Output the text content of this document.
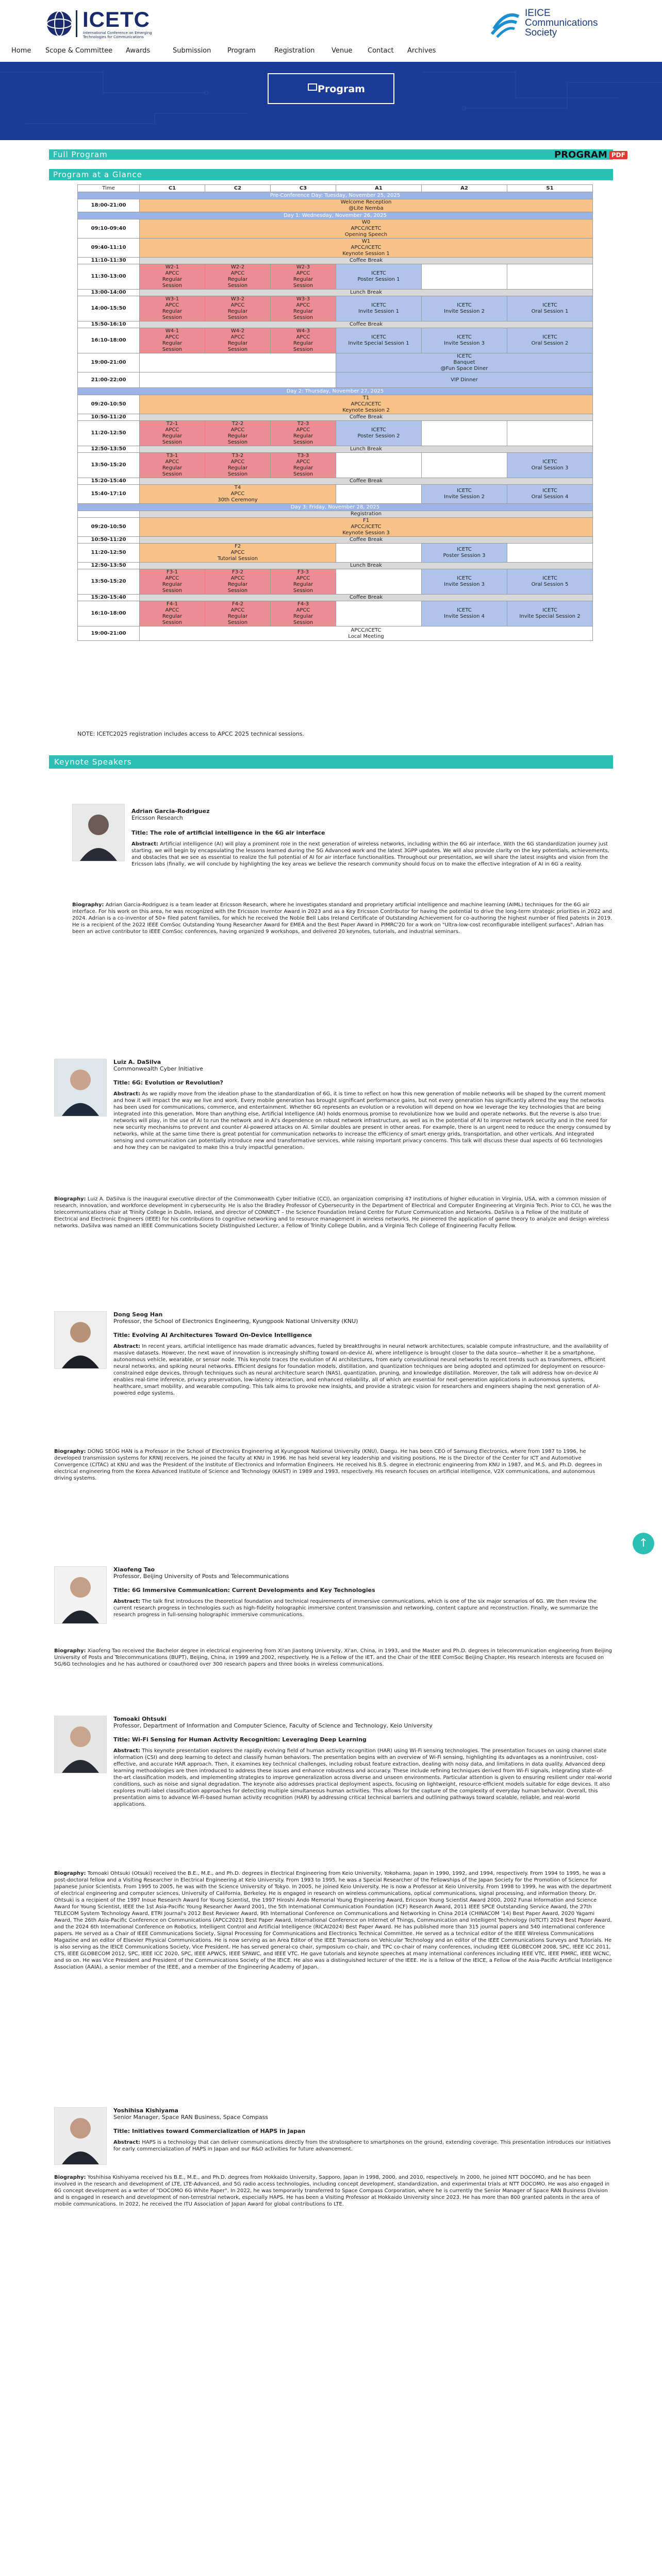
ICETC
International Conference on Emerging Technologies for Communications
IEICE
Communications
Society
Home Scope & Committee Awards	Submission Program	Registration	Venue Contact Archives
Program
Full Program	PROGRAM PDF
Program at a Glance
Time	C1	C2	C3	A1	A2	S1
Pre-Conference Day: Tuesday, November 25, 2025						
18:00-21:00	Welcome Reception
@Lite Nemba					
Day 1: Wednesday, November 26, 2025						
09:10-09:40	W0
APCC/ICETC
Opening Speech					
09:40-11:10	W1
APCC/ICETC
Keynote Session 1					
11:10-11:30	Coffee Break					
11:30-13:00	W2-1
APCC
Regular
Session	W2-2
APCC
Regular
Session	W2-3
APCC
Regular
Session	ICETC
Poster Session 1		
13:00-14:00	Lunch Break					
14:00-15:50	W3-1
APCC
Regular
Session	W3-2
APCC
Regular
Session	W3-3
APCC
Regular
Session	ICETC
Invite Session 1	ICETC
Invite Session 2	ICETC
Oral Session 1
15:50-16:10	Coffee Break					
16:10-18:00	W4-1
APCC
Regular
Session	W4-2
APCC
Regular
Session	W4-3
APCC
Regular
Session	ICETC
Invite Special Session 1	ICETC
Invite Session 3	ICETC
Oral Session 2
19:00-21:00				ICETC
Banquet
@Fun Space Diner		
21:00-22:00				VIP Dinner		
Day 2: Thursday, November 27, 2025						
09:20-10:50	T1
APCC/ICETC
Keynote Session 2					
10:50-11:20	Coffee Break					
11:20-12:50	T2-1
APCC
Regular
Session	T2-2
APCC
Regular
Session	T2-3
APCC
Regular
Session	ICETC
Poster Session 2		
12:50-13:50	Lunch Break					
13:50-15:20	T3-1
APCC
Regular
Session	T3-2
APCC
Regular
Session	T3-3
APCC
Regular
Session			ICETC
Oral Session 3
15:20-15:40	Coffee Break					
15:40-17:10	T4
APCC
30th Ceremony				ICETC
Invite Session 2	ICETC
Oral Session 4
Day 3: Friday, November 28, 2025						
	Registration					
09:20-10:50	F1
APCC/ICETC
Keynote Session 3					
10:50-11:20	Coffee Break					
11:20-12:50	F2
APCC
Tutorial Session				ICETC
Poster Session 3	
12:50-13:50	Lunch Break					
13:50-15:20	F3-1
APCC
Regular
Session	F3-2
APCC
Regular
Session	F3-3
APCC
Regular
Session		ICETC
Invite Session 3	ICETC
Oral Session 5
15:20-15:40	Coffee Break					
16:10-18:00	F4-1
APCC
Regular
Session	F4-2
APCC
Regular
Session	F4-3
APCC
Regular
Session		ICETC
Invite Session 4	ICETC
Invite Special Session 2
19:00-21:00	APCC/ICETC
Local Meeting					
NOTE: ICETC2025 registration includes access to APCC 2025 technical sessions.
Keynote Speakers
Adrian Garcia-Rodriguez
Ericsson Research
Title: The role of artificial intelligence in the 6G air interface
Abstract: Artificial intelligence (AI) will play a prominent role in the next generation of wireless networks, including within the 6G air interface. With the 6G standardization journey just starting, we will begin by encapsulating the lessons learned during the 5G Advanced work and the latest 3GPP updates. We will also provide clarity on the key potentials, achievements, and obstacles that we see as essential to realize the full potential of AI for air interface functionalities. Throughout our presentation, we will share the latest insights and vision from the Ericsson labs (finally, we will conclude by highlighting the key areas we believe the research community should focus on to make the effective integration of AI in 6G a reality.
Biography: Adrian Garcia-Rodriguez is a team leader at Ericsson Research, where he investigates standard and proprietary artificial intelligence and machine learning (AIML) techniques for the 6G air interface. For his work on this area, he was recognized with the Ericsson Inventor Award in 2023 and as a Key Ericsson Contributor for having the potential to drive the long-term strategic priorities in 2022 and 2024. Adrian is a co-inventor of 50+ filed patent families, for which he received the Noble Bell Labs Ireland Certificate of Outstanding Achievement for co-authoring the highest number of filed patents in 2019. He is a recipient of the 2022 IEEE ComSoc Outstanding Young Researcher Award for EMEA and the Best Paper Award in PIMRC'20 for a work on "Ultra-low-cost reconfigurable intelligent surfaces". Adrian has been an active contributor to IEEE ComSoc conferences, having organized 9 workshops, and delivered 20 keynotes, tutorials, and industrial seminars.
Luiz A. DaSilva
Commonwealth Cyber Initiative
Title: 6G: Evolution or Revolution?
Abstract: As we rapidly move from the ideation phase to the standardization of 6G, it is time to reflect on how this new generation of mobile networks will be shaped by the current moment and how it will impact the way we live and work. Every mobile generation has brought significant performance gains, but not every generation has significantly altered the way the networks has been used for communications, commerce, and entertainment. Whether 6G represents an evolution or a revolution will depend on how we leverage the key technologies that are being integrated into this generation. More than anything else, Artificial Intelligence (AI) holds enormous promise to revolutionize how we build and operate networks. But the reverse is also true: networks will play, in the use of AI to run the network and in AI's dependence on robust network infrastructure, as well as in the potential of AI to improve network security and in the need for new security mechanisms to prevent and counter AI-powered attacks on AI. Similar doubles are present in other areas. For example, there is an urgent need to reduce the energy consumed by networks, while at the same time there is great potential for communication networks to increase the efficiency of smart energy grids, transportation, and other verticals. And integrated sensing and communication can potentially introduce new and transformative services, while raising important privacy concerns. This talk will discuss these dual aspects of 6G technologies and how they can be navigated to make this a truly impactful generation.
Biography: Luiz A. DaSilva is the inaugural executive director of the Commonwealth Cyber Initiative (CCI), an organization comprising 47 institutions of higher education in Virginia, USA, with a common mission of research, innovation, and workforce development in cybersecurity. He is also the Bradley Professor of Cybersecurity in the Department of Electrical and Computer Engineering at Virginia Tech. Prior to CCI, he was the telecommunications chair at Trinity College in Dublin, Ireland, and director of CONNECT – the Science Foundation Ireland Centre for Future Communication and Networks. DaSilva is a Fellow of the Institute of Electrical and Electronic Engineers (IEEE) for his contributions to cognitive networking and to resource management in wireless networks. He pioneered the application of game theory to analyze and design wireless networks. DaSilva was named an IEEE Communications Society Distinguished Lecturer, a Fellow of Trinity College Dublin, and a Virginia Tech College of Engineering Faculty Fellow.
Dong Seog Han
Professor, the School of Electronics Engineering, Kyungpook National University (KNU)
Title: Evolving AI Architectures Toward On-Device Intelligence
Abstract: In recent years, artificial intelligence has made dramatic advances, fueled by breakthroughs in neural network architectures, scalable compute infrastructure, and the availability of massive datasets. However, the next wave of innovation is increasingly shifting toward on-device AI, where intelligence is brought closer to the data source—whether it be a smartphone, autonomous vehicle, wearable, or sensor node. This keynote traces the evolution of AI architectures, from early convolutional neural networks to recent trends such as transformers, efficient neural networks, and spiking neural networks. Efficient designs for foundation models, distillation, and quantization techniques are being adopted and optimized for deployment on resource-constrained edge devices, through techniques such as neural architecture search (NAS), quantization, pruning, and knowledge distillation. Moreover, the talk will address how on-device AI enables real-time inference, privacy preservation, low-latency interaction, and enhanced reliability, all of which are essential for next-generation applications in autonomous systems, healthcare, smart mobility, and wearable computing. This talk aims to provoke new insights, and provide a strategic vision for researchers and engineers shaping the next generation of AI-powered edge systems.
Biography: DONG SEOG HAN is a Professor in the School of Electronics Engineering at Kyungpook National University (KNU), Daegu. He has been CEO of Samsung Electronics, where from 1987 to 1996, he developed transmission systems for KRNIJ receivers. He joined the faculty at KNU in 1996. He has held several key leadership and visiting positions. He is the Director of the Center for ICT and Automotive Convergence (CITAC) at KNU and was the President of the Institute of Electronics and Information Engineers. He received his B.S. degree in electronic engineering from KNU in 1987, and M.S. and Ph.D. degrees in electrical engineering from the Korea Advanced Institute of Science and Technology (KAIST) in 1989 and 1993, respectively. His research focuses on artificial intelligence, V2X communications, and autonomous driving systems.
Xiaofeng Tao
Professor, Beijing University of Posts and Telecommunications
Title: 6G Immersive Communication: Current Developments and Key Technologies
Abstract: The talk first introduces the theoretical foundation and technical requirements of immersive communications, which is one of the six major scenarios of 6G. We then review the current research progress in technologies such as high-fidelity holographic immersive content transmission and networking, content capture and reconstruction. Finally, we summarize the research progress in full-sensing holographic immersive communications.
Biography: Xiaofeng Tao received the Bachelor degree in electrical engineering from Xi'an Jiaotong University, Xi'an, China, in 1993, and the Master and Ph.D. degrees in telecommunication engineering from Beijing University of Posts and Telecommunications (BUPT), Beijing, China, in 1999 and 2002, respectively. He is a Fellow of the IET, and the Chair of the IEEE ComSoc Beijing Chapter. His research interests are focused on 5G/6G technologies and he has authored or coauthored over 300 research papers and three books in wireless communications.
Tomoaki Ohtsuki
Professor, Department of Information and Computer Science, Faculty of Science and Technology, Keio University
Title: Wi-Fi Sensing for Human Activity Recognition: Leveraging Deep Learning
Abstract: This keynote presentation explores the rapidly evolving field of human activity recognition (HAR) using Wi-Fi sensing technologies. The presentation focuses on using channel state information (CSI) and deep learning to detect and classify human behaviors. The presentation begins with an overview of Wi-Fi sensing, highlighting its advantages as a nonintrusive, cost-effective, and accurate HAR approach. Then, it examines key technical challenges, including robust feature extraction, dealing with noisy data, and limitations in data quality. Advanced deep learning methodologies are then introduced to address these issues and enhance robustness and accuracy. These include refining techniques derived from Wi-Fi signals, integrating state-of-the-art classification models, and implementing strategies to improve generalization across diverse and unseen environments. Particular attention is given to ensuring resilient under real-world conditions, such as noise and signal degradation. The keynote also addresses practical deployment aspects, focusing on lightweight, resource-efficient models suitable for edge devices. It also explores multi-label classification approaches for detecting multiple simultaneous human activities. This allows for the capture of the complexity of everyday human behavior. Overall, this presentation aims to advance Wi-Fi-based human activity recognition (HAR) by addressing critical technical barriers and outlining pathways toward scalable, reliable, and real-world applications.
Biography: Tomoaki Ohtsuki (Otsuki) received the B.E., M.E., and Ph.D. degrees in Electrical Engineering from Keio University, Yokohama, Japan in 1990, 1992, and 1994, respectively. From 1994 to 1995, he was a post-doctoral fellow and a Visiting Researcher in Electrical Engineering at Keio University. From 1993 to 1995, he was a Special Researcher of the Fellowships of the Japan Society for the Promotion of Science for Japanese Junior Scientists. From 1995 to 2005, he was with the Science University of Tokyo. In 2005, he joined Keio University. He is now a Professor at Keio University. From 1998 to 1999, he was with the department of electrical engineering and computer sciences, University of California, Berkeley. He is engaged in research on wireless communications, optical communications, signal processing, and information theory. Dr. Ohtsuki is a recipient of the 1997 Inoue Research Award for Young Scientist, the 1997 Hiroshi Ando Memorial Young Engineering Award, Ericsson Young Scientist Award 2000, 2002 Funai Information and Science Award for Young Scientist, IEEE the 1st Asia-Pacific Young Researcher Award 2001, the 5th International Communication Foundation (ICF) Research Award, 2011 IEEE SPCE Outstanding Service Award, the 27th TELECOM System Technology Award, ETRI Journal's 2012 Best Reviewer Award, 9th International Conference on Communications and Networking in China 2014 (CHINACOM '14) Best Paper Award, 2020 Yagami Award, The 26th Asia-Pacific Conference on Communications (APCC2021) Best Paper Award, International Conference on Internet of Things, Communication and Intelligent Technology (IoTCIT) 2024 Best Paper Award, and the 2024 6th International Conference on Robotics, Intelligent Control and Artificial Intelligence (RICAI2024) Best Paper Award. He has published more than 315 journal papers and 540 international conference papers. He served as a Chair of IEEE Communications Society, Signal Processing for Communications and Electronics Technical Committee. He served as a technical editor of the IEEE Wireless Communications Magazine and an editor of Elsevier Physical Communications. He is now serving as an Area Editor of the IEEE Transactions on Vehicular Technology and an editor of the IEEE Communications Surveys and Tutorials. He is also serving as the IEICE Communications Society, Vice President. He has served general-co chair, symposium co-chair, and TPC co-chair of many conferences, including IEEE GLOBECOM 2008, SPC, IEEE ICC 2011, CTS, IEEE GLOBECOM 2012, SPC, IEEE ICC 2020, SPC, IEEE APWCS, IEEE SPAWC, and IEEE VTC. He gave tutorials and keynote speeches at many international conferences including IEEE VTC, IEEE PIMRC, IEEE WCNC, and so on. He was Vice President and President of the Communications Society of the IEICE. He also was a distinguished lecturer of the IEEE. He is a fellow of the IEICE, a Fellow of the Asia-Pacific Artificial Intelligence Association (AAIA), a senior member of the IEEE, and a member of the Engineering Academy of Japan.
Yoshihisa Kishiyama
Senior Manager, Space RAN Business, Space Compass
Title: Initiatives toward Commercialization of HAPS in Japan
Abstract: HAPS is a technology that can deliver communications directly from the stratosphere to smartphones on the ground, extending coverage. This presentation introduces our initiatives for early commercialization of HAPS in Japan and our R&D activities for future advancement.
Biography: Yoshihisa Kishiyama received his B.E., M.E., and Ph.D. degrees from Hokkaido University, Sapporo, Japan in 1998, 2000, and 2010, respectively. In 2000, he joined NTT DOCOMO, and he has been involved in the research and development of LTE, LTE-Advanced, and 5G radio access technologies, including concept development, standardization, and experimental trials at NTT DOCOMO. He was also engaged in 6G concept development as a writer of "DOCOMO 6G White Paper". In 2022, he was temporarily transferred to Space Compass Corporation, where he is currently the Senior Manager of Space RAN Business Division and is engaged in research and development of non-terrestrial network, especially HAPS. He has been a Visiting Professor at Hokkaido University since 2023. He has more than 800 granted patents in the area of mobile communications. In 2022, he received the ITU Association of Japan Award for global contributions to LTE.
↑
